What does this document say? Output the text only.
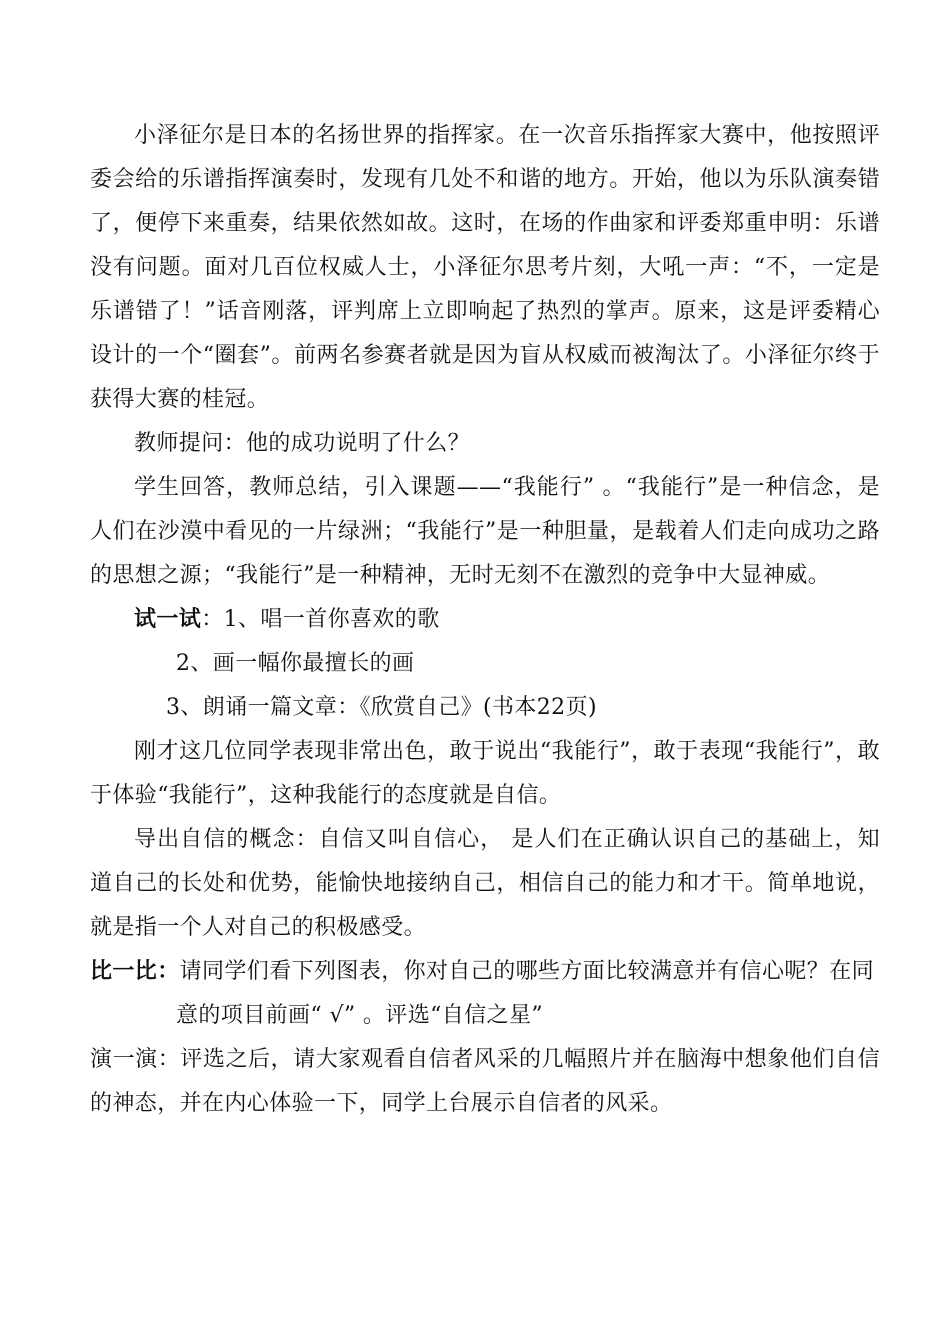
小泽征尔是日本的名扬世界的指挥家。在一次音乐指挥家大赛中，他按照评委会给的乐谱指挥演奏时，发现有几处不和谐的地方。开始，他以为乐队演奏错了，便停下来重奏，结果依然如故。这时，在场的作曲家和评委郑重申明：乐谱没有问题。面对几百位权威人士，小泽征尔思考片刻，大吼一声：“不，一定是乐谱错了！”话音刚落，评判席上立即响起了热烈的掌声。原来，这是评委精心设计的一个“圈套”。前两名参赛者就是因为盲从权威而被淘汰了。小泽征尔终于获得大赛的桂冠。

教师提问：他的成功说明了什么？

学生回答，教师总结，引入课题——“我能行” 。“我能行”是一种信念，是人们在沙漠中看见的一片绿洲；“我能行”是一种胆量，是载着人们走向成功之路的思想之源；“我能行”是一种精神，无时无刻不在激烈的竞争中大显神威。

试一试：1、唱一首你喜欢的歌

2、画一幅你最擅长的画

3、朗诵一篇文章：《欣赏自己》(书本22页)

刚才这几位同学表现非常出色，敢于说出“我能行”，敢于表现“我能行”，敢于体验“我能行”，这种我能行的态度就是自信。

导出自信的概念：自信又叫自信心， 是人们在正确认识自己的基础上，知道自己的长处和优势，能愉快地接纳自己，相信自己的能力和才干。简单地说，就是指一个人对自己的积极感受。

比一比：请同学们看下列图表，你对自己的哪些方面比较满意并有信心呢？在同

意的项目前画“ √” 。评选“自信之星”

演一演：评选之后，请大家观看自信者风采的几幅照片并在脑海中想象他们自信的神态，并在内心体验一下，同学上台展示自信者的风采。
